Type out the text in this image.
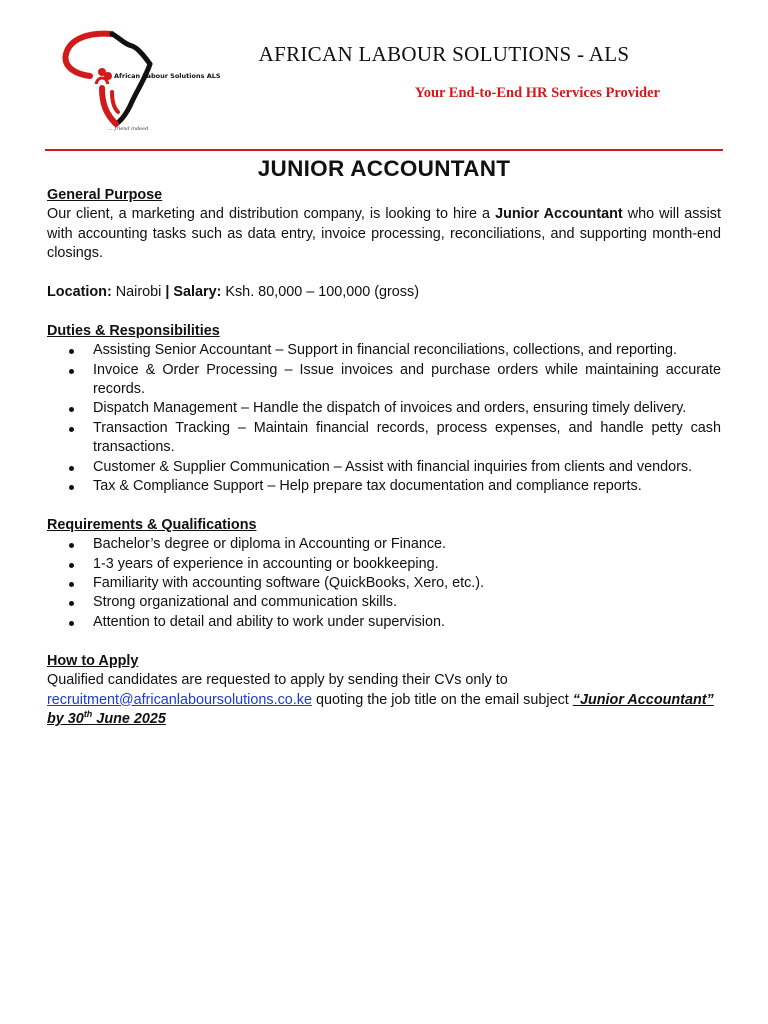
African Labour Solutions ALS
... friend indeed
AFRICAN LABOUR SOLUTIONS - ALS
Your End-to-End HR Services Provider
JUNIOR ACCOUNTANT

General Purpose

Our client, a marketing and distribution company, is looking to hire a Junior Accountant who will assist with accounting tasks such as data entry, invoice processing, reconciliations, and supporting month-end closings.

Location: Nairobi | Salary: Ksh. 80,000 – 100,000 (gross)

Duties & Responsibilities

Assisting Senior Accountant – Support in financial reconciliations, collections, and reporting.
Invoice & Order Processing – Issue invoices and purchase orders while maintaining accurate records.
Dispatch Management – Handle the dispatch of invoices and orders, ensuring timely delivery.
Transaction Tracking – Maintain financial records, process expenses, and handle petty cash transactions.
Customer & Supplier Communication – Assist with financial inquiries from clients and vendors.
Tax & Compliance Support – Help prepare tax documentation and compliance reports.

Requirements & Qualifications

Bachelor’s degree or diploma in Accounting or Finance.
1-3 years of experience in accounting or bookkeeping.
Familiarity with accounting software (QuickBooks, Xero, etc.).
Strong organizational and communication skills.
Attention to detail and ability to work under supervision.

How to Apply

Qualified candidates are requested to apply by sending their CVs only to
recruitment@africanlaboursolutions.co.ke quoting the job title on the email subject “Junior Accountant” by 30th June 2025
